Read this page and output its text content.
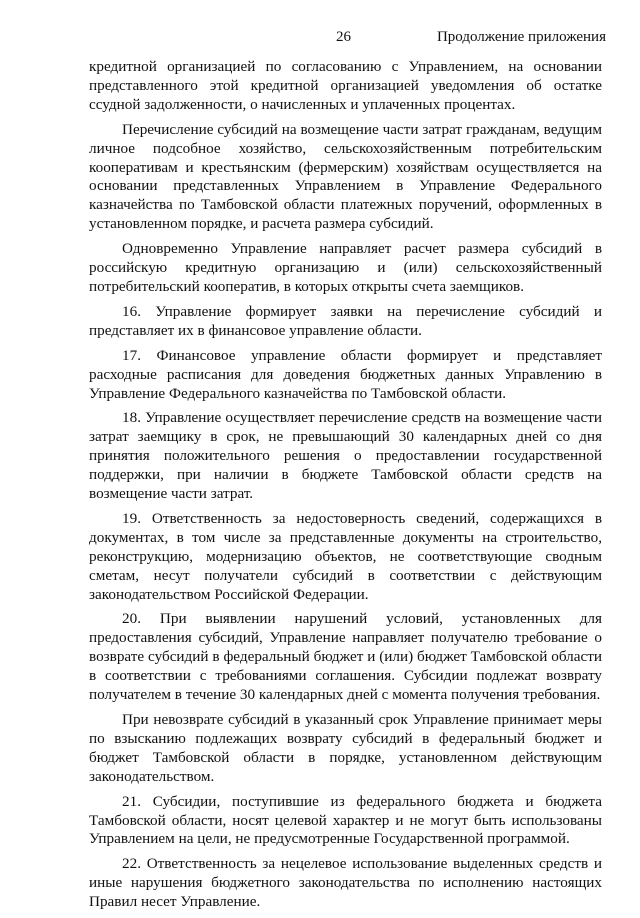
26	Продолжение приложения

кредитной организацией по согласованию с Управлением, на основании представленного этой кредитной организацией уведомления об остатке ссудной задолженности, о начисленных и уплаченных процентах.

Перечисление субсидий на возмещение части затрат гражданам, ведущим личное подсобное хозяйство, сельскохозяйственным потребительским кооперативам и крестьянским (фермерским) хозяйствам осуществляется на основании представленных Управлением в Управление Федерального казначейства по Тамбовской области платежных поручений, оформленных в установленном порядке, и расчета размера субсидий.

Одновременно Управление направляет расчет размера субсидий в российскую кредитную организацию и (или) сельскохозяйственный потребительский кооператив, в которых открыты счета заемщиков.

16. Управление формирует заявки на перечисление субсидий и представляет их в финансовое управление области.

17. Финансовое управление области формирует и представляет расходные расписания для доведения бюджетных данных Управлению в Управление Федерального казначейства по Тамбовской области.

18. Управление осуществляет перечисление средств на возмещение части затрат заемщику в срок, не превышающий 30 календарных дней со дня принятия положительного решения о предоставлении государственной поддержки, при наличии в бюджете Тамбовской области средств на возмещение части затрат.

19. Ответственность за недостоверность сведений, содержащихся в документах, в том числе за представленные документы на строительство, реконструкцию, модернизацию объектов, не соответствующие сводным сметам, несут получатели субсидий в соответствии с действующим законодательством Российской Федерации.

20. При выявлении нарушений условий, установленных для предоставления субсидий, Управление направляет получателю требование о возврате субсидий в федеральный бюджет и (или) бюджет Тамбовской области в соответствии с требованиями соглашения. Субсидии подлежат возврату получателем в течение 30 календарных дней с момента получения требования.

При невозврате субсидий в указанный срок Управление принимает меры по взысканию подлежащих возврату субсидий в федеральный бюджет и бюджет Тамбовской области в порядке, установленном действующим законодательством.

21. Субсидии, поступившие из федерального бюджета и бюджета Тамбовской области, носят целевой характер и не могут быть использованы Управлением на цели, не предусмотренные Государственной программой.

22. Ответственность за нецелевое использование выделенных средств и иные нарушения бюджетного законодательства по исполнению настоящих Правил несет Управление.
